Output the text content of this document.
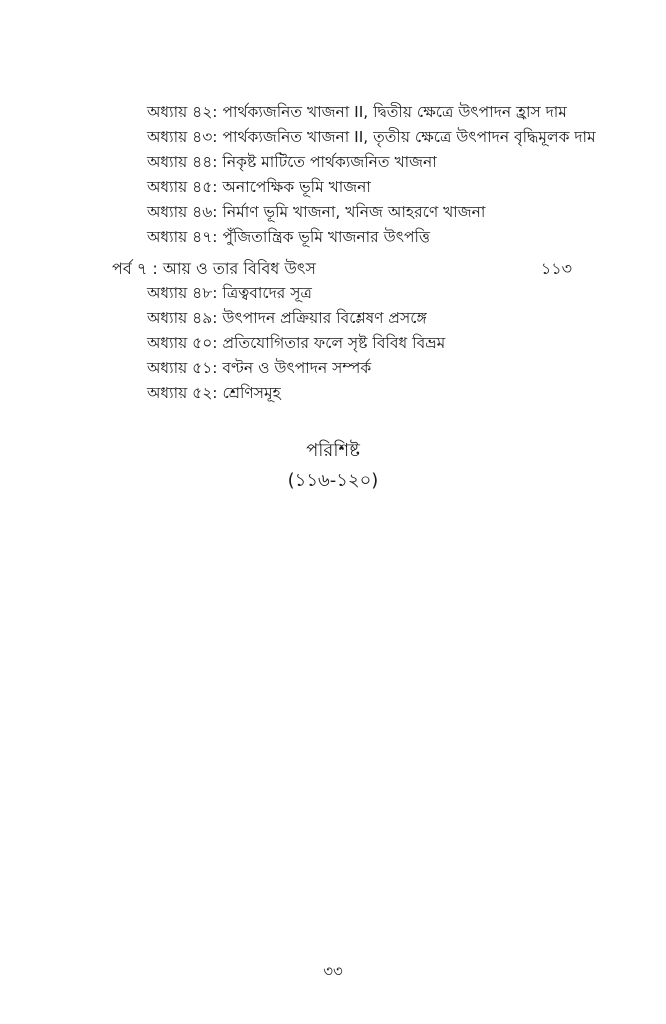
অধ্যায় ৪২: পার্থক্যজনিত খাজনা II, দ্বিতীয় ক্ষেত্রে উৎপাদন হ্রাস দাম
অধ্যায় ৪৩: পার্থক্যজনিত খাজনা II, তৃতীয় ক্ষেত্রে উৎপাদন বৃদ্ধিমূলক দাম
অধ্যায় ৪৪: নিকৃষ্ট মাটিতে পার্থক্যজনিত খাজনা
অধ্যায় ৪৫: অনাপেক্ষিক ভূমি খাজনা
অধ্যায় ৪৬: নির্মাণ ভূমি খাজনা, খনিজ আহরণে খাজনা
অধ্যায় ৪৭: পুঁজিতান্ত্রিক ভূমি খাজনার উৎপত্তি
পর্ব ৭ : আয় ও তার বিবিধ উৎস	১১৩
অধ্যায় ৪৮: ত্রিত্ববাদের সূত্র
অধ্যায় ৪৯: উৎপাদন প্রক্রিয়ার বিশ্লেষণ প্রসঙ্গে
অধ্যায় ৫০: প্রতিযোগিতার ফলে সৃষ্ট বিবিধ বিভ্রম
অধ্যায় ৫১: বণ্টন ও উৎপাদন সম্পর্ক
অধ্যায় ৫২: শ্রেণিসমূহ
পরিশিষ্ট
(১১৬-১২০)
৩৩
